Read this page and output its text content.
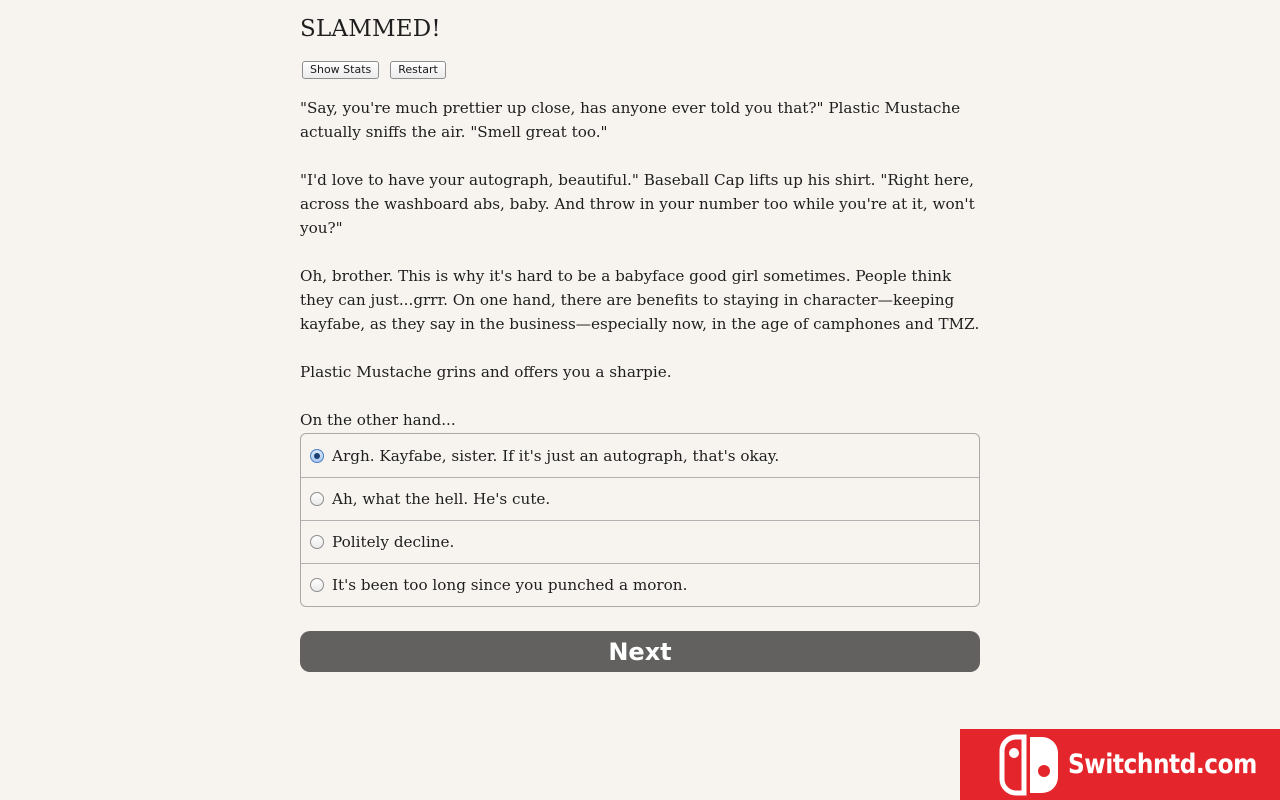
SLAMMED!
Show Stats	Restart

"Say, you're much prettier up close, has anyone ever told you that?" Plastic Mustache actually sniffs the air. "Smell great too."

"I'd love to have your autograph, beautiful." Baseball Cap lifts up his shirt. "Right here, across the washboard abs, baby. And throw in your number too while you're at it, won't you?"

Oh, brother. This is why it's hard to be a babyface good girl sometimes. People think they can just...grrr. On one hand, there are benefits to staying in character—keeping kayfabe, as they say in the business—especially now, in the age of camphones and TMZ.

Plastic Mustache grins and offers you a sharpie.

On the other hand...

Argh. Kayfabe, sister. If it's just an autograph, that's okay.
Ah, what the hell. He's cute.
Politely decline.
It's been too long since you punched a moron.
Next
Switchntd.com
